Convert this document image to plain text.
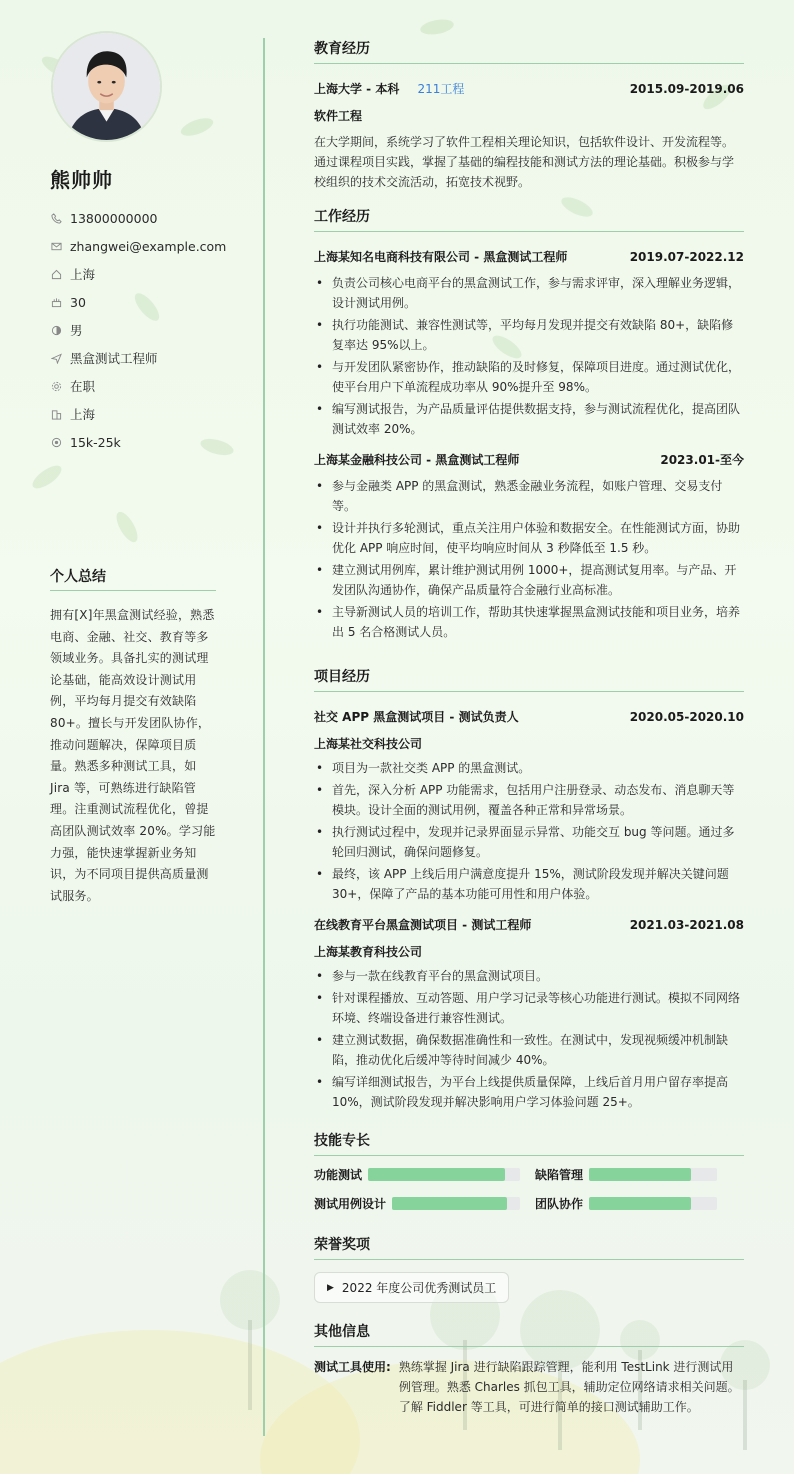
熊帅帅
13800000000
zhangwei@example.com
上海
30
男
黑盒测试工程师
在职
上海
15k-25k
个人总结
拥有[X]年黑盒测试经验，熟悉电商、金融、社交、教育等多领域业务。具备扎实的测试理论基础，能高效设计测试用例，平均每月提交有效缺陷80+。擅长与开发团队协作，推动问题解决，保障项目质量。熟悉多种测试工具，如Jira 等，可熟练进行缺陷管理。注重测试流程优化，曾提高团队测试效率 20%。学习能力强，能快速掌握新业务知识，为不同项目提供高质量测试服务。
教育经历
上海大学 - 本科 211工程	2015.09-2019.06
软件工程
在大学期间，系统学习了软件工程相关理论知识，包括软件设计、开发流程等。通过课程项目实践，掌握了基础的编程技能和测试方法的理论基础。积极参与学校组织的技术交流活动，拓宽技术视野。
工作经历
上海某知名电商科技有限公司 - 黑盒测试工程师	2019.07-2022.12
• 负责公司核心电商平台的黑盒测试工作，参与需求评审，深入理解业务逻辑，设计测试用例。
• 执行功能测试、兼容性测试等，平均每月发现并提交有效缺陷 80+，缺陷修复率达 95%以上。
• 与开发团队紧密协作，推动缺陷的及时修复，保障项目进度。通过测试优化，使平台用户下单流程成功率从 90%提升至 98%。
• 编写测试报告，为产品质量评估提供数据支持，参与测试流程优化，提高团队测试效率 20%。
上海某金融科技公司 - 黑盒测试工程师	2023.01-至今
• 参与金融类 APP 的黑盒测试，熟悉金融业务流程，如账户管理、交易支付等。
• 设计并执行多轮测试，重点关注用户体验和数据安全。在性能测试方面，协助优化 APP 响应时间，使平均响应时间从 3 秒降低至 1.5 秒。
• 建立测试用例库，累计维护测试用例 1000+，提高测试复用率。与产品、开发团队沟通协作，确保产品质量符合金融行业高标准。
• 主导新测试人员的培训工作，帮助其快速掌握黑盒测试技能和项目业务，培养出 5 名合格测试人员。
项目经历
社交 APP 黑盒测试项目 - 测试负责人	2020.05-2020.10
上海某社交科技公司
• 项目为一款社交类 APP 的黑盒测试。
• 首先，深入分析 APP 功能需求，包括用户注册登录、动态发布、消息聊天等模块。设计全面的测试用例，覆盖各种正常和异常场景。
• 执行测试过程中，发现并记录界面显示异常、功能交互 bug 等问题。通过多轮回归测试，确保问题修复。
• 最终，该 APP 上线后用户满意度提升 15%，测试阶段发现并解决关键问题 30+，保障了产品的基本功能可用性和用户体验。
在线教育平台黑盒测试项目 - 测试工程师	2021.03-2021.08
上海某教育科技公司
• 参与一款在线教育平台的黑盒测试项目。
• 针对课程播放、互动答题、用户学习记录等核心功能进行测试。模拟不同网络环境、终端设备进行兼容性测试。
• 建立测试数据，确保数据准确性和一致性。在测试中，发现视频缓冲机制缺陷，推动优化后缓冲等待时间减少 40%。
• 编写详细测试报告，为平台上线提供质量保障，上线后首月用户留存率提高 10%，测试阶段发现并解决影响用户学习体验问题 25+。
技能专长
功能测试	缺陷管理
测试用例设计	团队协作
荣誉奖项
▶ 2022 年度公司优秀测试员工
其他信息
测试工具使用: 熟练掌握 Jira 进行缺陷跟踪管理，能利用 TestLink 进行测试用例管理。熟悉 Charles 抓包工具，辅助定位网络请求相关问题。了解 Fiddler 等工具，可进行简单的接口测试辅助工作。
